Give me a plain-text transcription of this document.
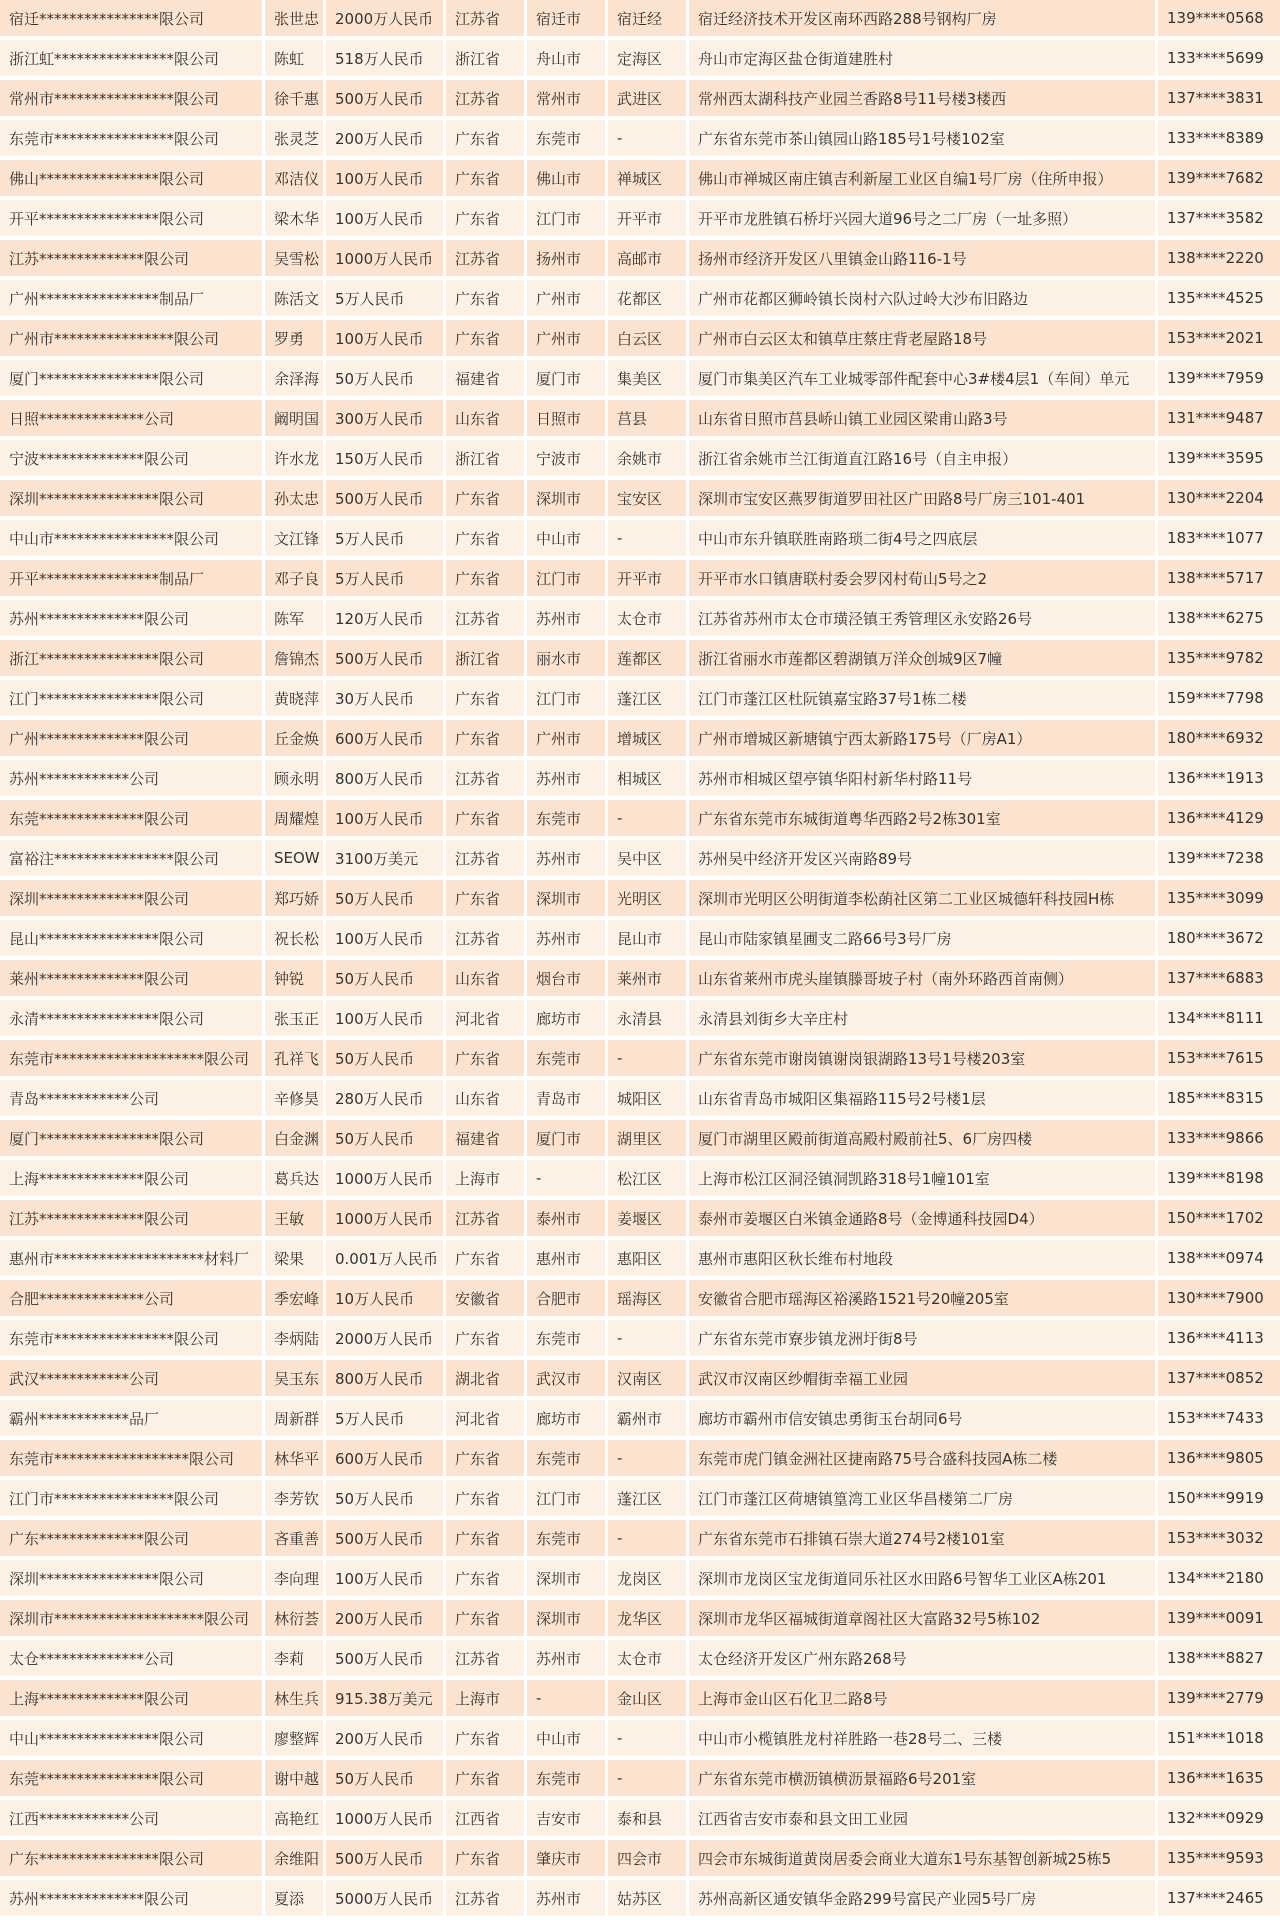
宿迁****************限公司	张世忠	2000万人民币	江苏省	宿迁市	宿迁经	宿迁经济技术开发区南环西路288号钢构厂房	139****0568
浙江虹****************限公司	陈虹	518万人民币	浙江省	舟山市	定海区	舟山市定海区盐仓街道建胜村	133****5699
常州市****************限公司	徐千惠	500万人民币	江苏省	常州市	武进区	常州西太湖科技产业园兰香路8号11号楼3楼西	137****3831
东莞市****************限公司	张灵芝	200万人民币	广东省	东莞市	-	广东省东莞市茶山镇园山路185号1号楼102室	133****8389
佛山****************限公司	邓洁仪	100万人民币	广东省	佛山市	禅城区	佛山市禅城区南庄镇吉利新屋工业区自编1号厂房（住所申报）	139****7682
开平****************限公司	梁木华	100万人民币	广东省	江门市	开平市	开平市龙胜镇石桥圩兴园大道96号之二厂房（一址多照）	137****3582
江苏**************限公司	吴雪松	1000万人民币	江苏省	扬州市	高邮市	扬州市经济开发区八里镇金山路116-1号	138****2220
广州****************制品厂	陈活文	5万人民币	广东省	广州市	花都区	广州市花都区狮岭镇长岗村六队过岭大沙布旧路边	135****4525
广州市****************限公司	罗勇	100万人民币	广东省	广州市	白云区	广州市白云区太和镇草庄蔡庄背老屋路18号	153****2021
厦门****************限公司	余泽海	50万人民币	福建省	厦门市	集美区	厦门市集美区汽车工业城零部件配套中心3#楼4层1（车间）单元	139****7959
日照**************公司	阚明国	300万人民币	山东省	日照市	莒县	山东省日照市莒县峤山镇工业园区梁甫山路3号	131****9487
宁波**************限公司	许水龙	150万人民币	浙江省	宁波市	余姚市	浙江省余姚市兰江街道直江路16号（自主申报）	139****3595
深圳****************限公司	孙太忠	500万人民币	广东省	深圳市	宝安区	深圳市宝安区燕罗街道罗田社区广田路8号厂房三101-401	130****2204
中山市****************限公司	文江锋	5万人民币	广东省	中山市	-	中山市东升镇联胜南路琐二街4号之四底层	183****1077
开平****************制品厂	邓子良	5万人民币	广东省	江门市	开平市	开平市水口镇唐联村委会罗冈村荀山5号之2	138****5717
苏州**************限公司	陈军	120万人民币	江苏省	苏州市	太仓市	江苏省苏州市太仓市璜泾镇王秀管理区永安路26号	138****6275
浙江****************限公司	詹锦杰	500万人民币	浙江省	丽水市	莲都区	浙江省丽水市莲都区碧湖镇万洋众创城9区7幢	135****9782
江门****************限公司	黄晓萍	30万人民币	广东省	江门市	蓬江区	江门市蓬江区杜阮镇嘉宝路37号1栋二楼	159****7798
广州**************限公司	丘金焕	600万人民币	广东省	广州市	增城区	广州市增城区新塘镇宁西太新路175号（厂房A1）	180****6932
苏州************公司	顾永明	800万人民币	江苏省	苏州市	相城区	苏州市相城区望亭镇华阳村新华村路11号	136****1913
东莞**************限公司	周耀煌	100万人民币	广东省	东莞市	-	广东省东莞市东城街道粤华西路2号2栋301室	136****4129
富裕注****************限公司	SEOW	3100万美元	江苏省	苏州市	吴中区	苏州吴中经济开发区兴南路89号	139****7238
深圳**************限公司	郑巧娇	50万人民币	广东省	深圳市	光明区	深圳市光明区公明街道李松蓢社区第二工业区城德轩科技园H栋	135****3099
昆山****************限公司	祝长松	100万人民币	江苏省	苏州市	昆山市	昆山市陆家镇星圃支二路66号3号厂房	180****3672
莱州**************限公司	钟锐	50万人民币	山东省	烟台市	莱州市	山东省莱州市虎头崖镇滕哥坡子村（南外环路西首南侧）	137****6883
永清****************限公司	张玉正	100万人民币	河北省	廊坊市	永清县	永清县刘街乡大辛庄村	134****8111
东莞市********************限公司	孔祥飞	50万人民币	广东省	东莞市	-	广东省东莞市谢岗镇谢岗银湖路13号1号楼203室	153****7615
青岛************公司	辛修昊	280万人民币	山东省	青岛市	城阳区	山东省青岛市城阳区集福路115号2号楼1层	185****8315
厦门****************限公司	白金渊	50万人民币	福建省	厦门市	湖里区	厦门市湖里区殿前街道高殿村殿前社5、6厂房四楼	133****9866
上海**************限公司	葛兵达	1000万人民币	上海市	-	松江区	上海市松江区洞泾镇洞凯路318号1幢101室	139****8198
江苏**************限公司	王敏	1000万人民币	江苏省	泰州市	姜堰区	泰州市姜堰区白米镇金通路8号（金博通科技园D4）	150****1702
惠州市********************材料厂	梁果	0.001万人民币	广东省	惠州市	惠阳区	惠州市惠阳区秋长维布村地段	138****0974
合肥**************公司	季宏峰	10万人民币	安徽省	合肥市	瑶海区	安徽省合肥市瑶海区裕溪路1521号20幢205室	130****7900
东莞市****************限公司	李炳陆	2000万人民币	广东省	东莞市	-	广东省东莞市寮步镇龙洲圩街8号	136****4113
武汉************公司	吴玉东	800万人民币	湖北省	武汉市	汉南区	武汉市汉南区纱帽街幸福工业园	137****0852
霸州************品厂	周新群	5万人民币	河北省	廊坊市	霸州市	廊坊市霸州市信安镇忠勇街玉台胡同6号	153****7433
东莞市******************限公司	林华平	600万人民币	广东省	东莞市	-	东莞市虎门镇金洲社区捷南路75号合盛科技园A栋二楼	136****9805
江门市****************限公司	李芳钦	50万人民币	广东省	江门市	蓬江区	江门市蓬江区荷塘镇篁湾工业区华昌楼第二厂房	150****9919
广东**************限公司	吝重善	500万人民币	广东省	东莞市	-	广东省东莞市石排镇石崇大道274号2楼101室	153****3032
深圳****************限公司	李向理	100万人民币	广东省	深圳市	龙岗区	深圳市龙岗区宝龙街道同乐社区水田路6号智华工业区A栋201	134****2180
深圳市********************限公司	林衍荟	200万人民币	广东省	深圳市	龙华区	深圳市龙华区福城街道章阁社区大富路32号5栋102	139****0091
太仓**************公司	李莉	500万人民币	江苏省	苏州市	太仓市	太仓经济开发区广州东路268号	138****8827
上海**************限公司	林生兵	915.38万美元	上海市	-	金山区	上海市金山区石化卫二路8号	139****2779
中山****************限公司	廖整辉	200万人民币	广东省	中山市	-	中山市小榄镇胜龙村祥胜路一巷28号二、三楼	151****1018
东莞****************限公司	谢中越	50万人民币	广东省	东莞市	-	广东省东莞市横沥镇横沥景福路6号201室	136****1635
江西************公司	高艳红	1000万人民币	江西省	吉安市	泰和县	江西省吉安市泰和县文田工业园	132****0929
广东****************限公司	余维阳	500万人民币	广东省	肇庆市	四会市	四会市东城街道黄岗居委会商业大道东1号东基智创新城25栋5	135****9593
苏州**************限公司	夏添	5000万人民币	江苏省	苏州市	姑苏区	苏州高新区通安镇华金路299号富民产业园5号厂房	137****2465
